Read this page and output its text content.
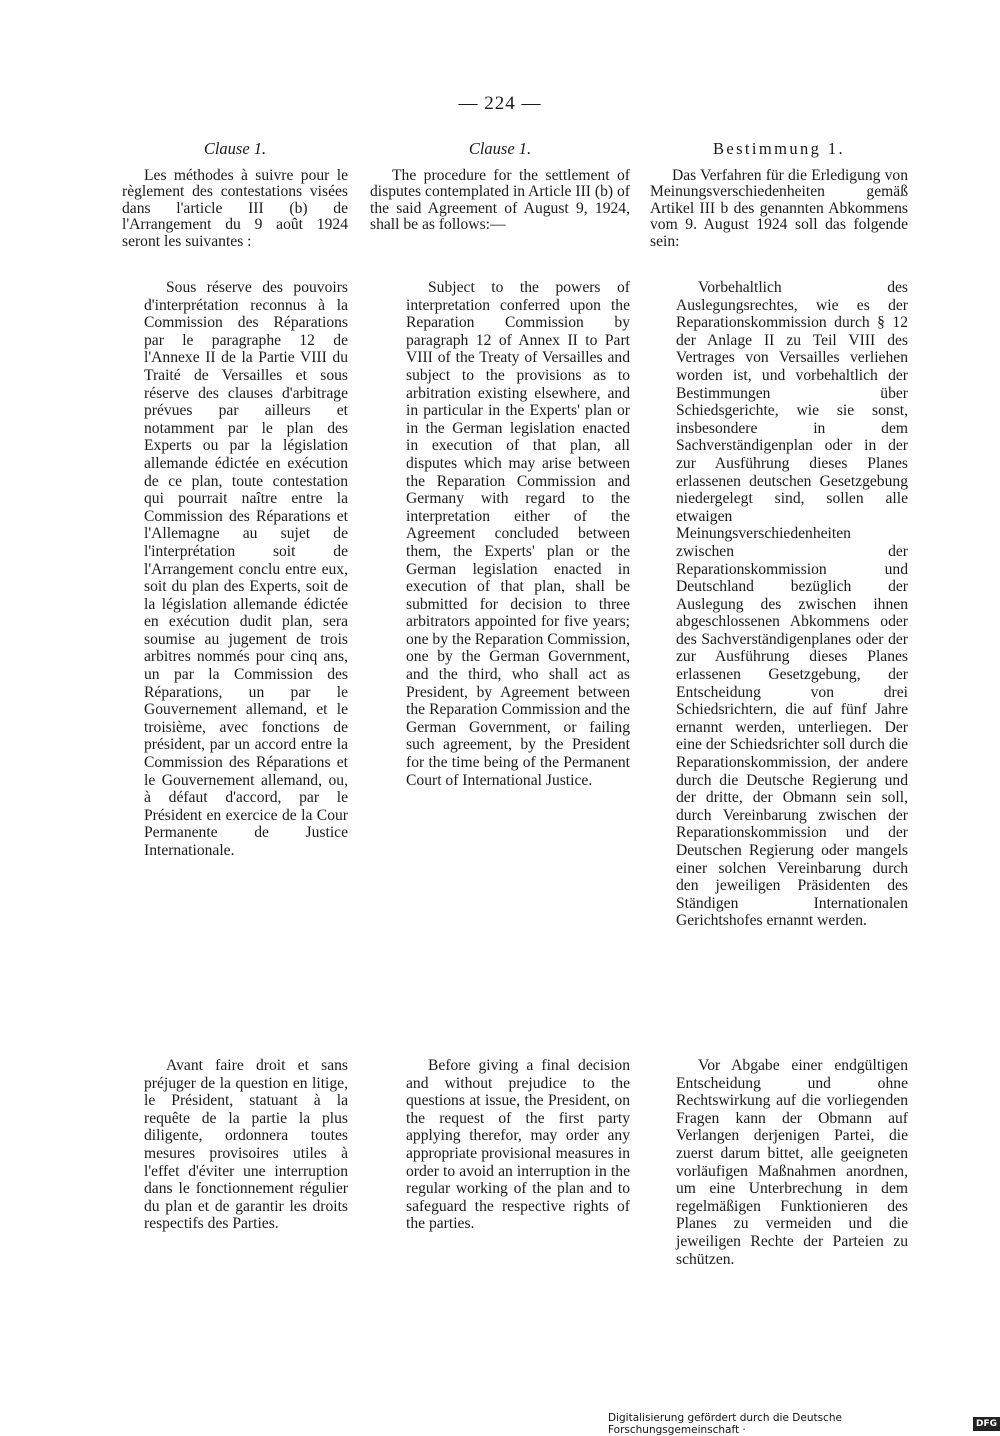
— 224 —
Clause 1.

Les méthodes à suivre pour le règlement des contestations visées dans l'article III (b) de l'Arrangement du 9 août 1924 seront les suivantes :

Sous réserve des pouvoirs d'interprétation reconnus à la Commission des Réparations par le paragraphe 12 de l'Annexe II de la Partie VIII du Traité de Versailles et sous réserve des clauses d'arbitrage prévues par ailleurs et notamment par le plan des Experts ou par la législation allemande édictée en exécution de ce plan, toute contestation qui pourrait naître entre la Commission des Réparations et l'Allemagne au sujet de l'interprétation soit de l'Arrangement conclu entre eux, soit du plan des Experts, soit de la législation allemande édictée en exécution dudit plan, sera soumise au jugement de trois arbitres nommés pour cinq ans, un par la Commission des Réparations, un par le Gouvernement allemand, et le troisième, avec fonctions de président, par un accord entre la Commission des Réparations et le Gouvernement allemand, ou, à défaut d'accord, par le Président en exercice de la Cour Permanente de Justice Internationale.

Avant faire droit et sans préjuger de la question en litige, le Président, statuant à la requête de la partie la plus diligente, ordonnera toutes mesures provisoires utiles à l'effet d'éviter une interruption dans le fonctionnement régulier du plan et de garantir les droits respectifs des Parties.

Clause 1.

The procedure for the settlement of disputes contemplated in Article III (b) of the said Agreement of August 9, 1924, shall be as follows:—

Subject to the powers of interpretation conferred upon the Reparation Commission by paragraph 12 of Annex II to Part VIII of the Treaty of Versailles and subject to the provisions as to arbitration existing elsewhere, and in particular in the Experts' plan or in the German legislation enacted in execution of that plan, all disputes which may arise between the Reparation Commission and Germany with regard to the interpretation either of the Agreement concluded between them, the Experts' plan or the German legislation enacted in execution of that plan, shall be submitted for decision to three arbitrators appointed for five years; one by the Reparation Commission, one by the German Government, and the third, who shall act as President, by Agreement between the Reparation Commission and the German Government, or failing such agreement, by the President for the time being of the Permanent Court of International Justice.

Before giving a final decision and without prejudice to the questions at issue, the President, on the request of the first party applying therefor, may order any appropriate provisional measures in order to avoid an interruption in the regular working of the plan and to safeguard the respective rights of the parties.

Bestimmung 1.

Das Verfahren für die Erledigung von Meinungsverschiedenheiten gemäß Artikel III b des genannten Abkommens vom 9. August 1924 soll das folgende sein:

Vorbehaltlich des Auslegungsrechtes, wie es der Reparationskommission durch § 12 der Anlage II zu Teil VIII des Vertrages von Versailles verliehen worden ist, und vorbehaltlich der Bestimmungen über Schiedsgerichte, wie sie sonst, insbesondere in dem Sachverständigenplan oder in der zur Ausführung dieses Planes erlassenen deutschen Gesetzgebung niedergelegt sind, sollen alle etwaigen Meinungsverschiedenheiten zwischen der Reparationskommission und Deutschland bezüglich der Auslegung des zwischen ihnen abgeschlossenen Abkommens oder des Sachverständigenplanes oder der zur Ausführung dieses Planes erlassenen Gesetzgebung, der Entscheidung von drei Schiedsrichtern, die auf fünf Jahre ernannt werden, unterliegen. Der eine der Schiedsrichter soll durch die Reparationskommission, der andere durch die Deutsche Regierung und der dritte, der Obmann sein soll, durch Vereinbarung zwischen der Reparationskommission und der Deutschen Regierung oder mangels einer solchen Vereinbarung durch den jeweiligen Präsidenten des Ständigen Internationalen Gerichtshofes ernannt werden.

Vor Abgabe einer endgültigen Entscheidung und ohne Rechtswirkung auf die vorliegenden Fragen kann der Obmann auf Verlangen derjenigen Partei, die zuerst darum bittet, alle geeigneten vorläufigen Maßnahmen anordnen, um eine Unterbrechung in dem regelmäßigen Funktionieren des Planes zu vermeiden und die jeweiligen Rechte der Parteien zu schützen.

Digitalisierung gefördert durch die Deutsche Forschungsgemeinschaft ·	DFG
